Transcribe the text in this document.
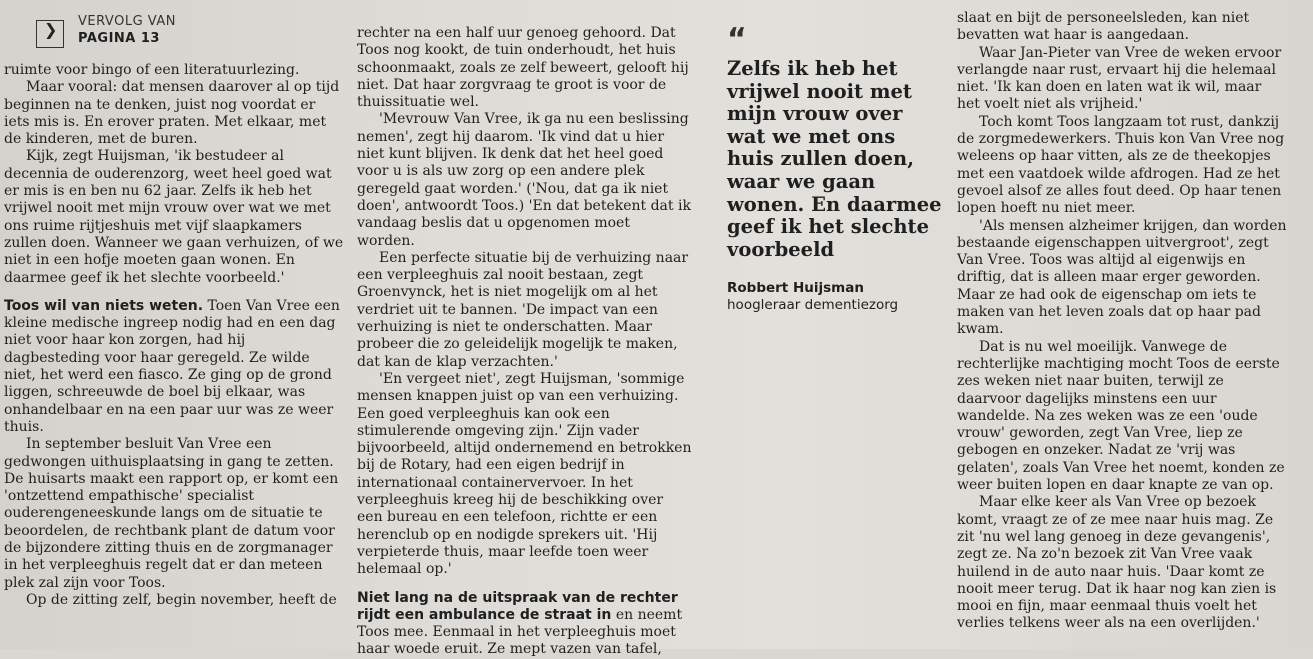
❯ VERVOLG VAN
PAGINA 13

ruimte voor bingo of een literatuurlezing.

Maar vooral: dat mensen daarover al op tijd beginnen na te denken, juist nog voordat er iets mis is. En erover praten. Met elkaar, met de kinderen, met de buren.

Kijk, zegt Huijsman, 'ik bestudeer al decennia de ouderenzorg, weet heel goed wat er mis is en ben nu 62 jaar. Zelfs ik heb het vrijwel nooit met mijn vrouw over wat we met ons ruime rijtjeshuis met vijf slaapkamers zullen doen. Wanneer we gaan verhuizen, of we niet in een hofje moeten gaan wonen. En daarmee geef ik het slechte voorbeeld.'

Toos wil van niets weten. Toen Van Vree een kleine medische ingreep nodig had en een dag niet voor haar kon zorgen, had hij dagbesteding voor haar geregeld. Ze wilde niet, het werd een fiasco. Ze ging op de grond liggen, schreeuwde de boel bij elkaar, was onhandelbaar en na een paar uur was ze weer thuis.

In september besluit Van Vree een gedwongen uithuisplaatsing in gang te zetten. De huisarts maakt een rapport op, er komt een 'ontzettend empathische' specialist ouderengeneeskunde langs om de situatie te beoordelen, de rechtbank plant de datum voor de bijzondere zitting thuis en de zorgmanager in het verpleeghuis regelt dat er dan meteen plek zal zijn voor Toos.

Op de zitting zelf, begin november, heeft de

rechter na een half uur genoeg gehoord. Dat Toos nog kookt, de tuin onderhoudt, het huis schoonmaakt, zoals ze zelf beweert, gelooft hij niet. Dat haar zorgvraag te groot is voor de thuissituatie wel.

'Mevrouw Van Vree, ik ga nu een beslissing nemen', zegt hij daarom. 'Ik vind dat u hier niet kunt blijven. Ik denk dat het heel goed voor u is als uw zorg op een andere plek geregeld gaat worden.' ('Nou, dat ga ik niet doen', antwoordt Toos.) 'En dat betekent dat ik vandaag beslis dat u opgenomen moet worden.

Een perfecte situatie bij de verhuizing naar een verpleeghuis zal nooit bestaan, zegt Groenvynck, het is niet mogelijk om al het verdriet uit te bannen. 'De impact van een verhuizing is niet te onderschatten. Maar probeer die zo geleidelijk mogelijk te maken, dat kan de klap verzachten.'

'En vergeet niet', zegt Huijsman, 'sommige mensen knappen juist op van een verhuizing. Een goed verpleeghuis kan ook een stimulerende omgeving zijn.' Zijn vader bijvoorbeeld, altijd ondernemend en betrokken bij de Rotary, had een eigen bedrijf in internationaal containervervoer. In het verpleeghuis kreeg hij de beschikking over een bureau en een telefoon, richtte er een herenclub op en nodigde sprekers uit. 'Hij verpieterde thuis, maar leefde toen weer helemaal op.'

Niet lang na de uitspraak van de rechter rijdt een ambulance de straat in en neemt Toos mee. Eenmaal in het verpleeghuis moet haar woede eruit. Ze mept vazen van tafel,

“
Zelfs ik heb het vrijwel nooit met mijn vrouw over wat we met ons huis zullen doen, waar we gaan wonen. En daarmee geef ik het slechte voorbeeld
Robbert Huijsman
hoogleraar dementiezorg

slaat en bijt de personeelsleden, kan niet bevatten wat haar is aangedaan.

Waar Jan-Pieter van Vree de weken ervoor verlangde naar rust, ervaart hij die helemaal niet. 'Ik kan doen en laten wat ik wil, maar het voelt niet als vrijheid.'

Toch komt Toos langzaam tot rust, dankzij de zorgmedewerkers. Thuis kon Van Vree nog weleens op haar vitten, als ze de theekopjes met een vaatdoek wilde afdrogen. Had ze het gevoel alsof ze alles fout deed. Op haar tenen lopen hoeft nu niet meer.

'Als mensen alzheimer krijgen, dan worden bestaande eigenschappen uitvergroot', zegt Van Vree. Toos was altijd al eigenwijs en driftig, dat is alleen maar erger geworden. Maar ze had ook de eigenschap om iets te maken van het leven zoals dat op haar pad kwam.

Dat is nu wel moeilijk. Vanwege de rechterlijke machtiging mocht Toos de eerste zes weken niet naar buiten, terwijl ze daarvoor dagelijks minstens een uur wandelde. Na zes weken was ze een 'oude vrouw' geworden, zegt Van Vree, liep ze gebogen en onzeker. Nadat ze 'vrij was gelaten', zoals Van Vree het noemt, konden ze weer buiten lopen en daar knapte ze van op.

Maar elke keer als Van Vree op bezoek komt, vraagt ze of ze mee naar huis mag. Ze zit 'nu wel lang genoeg in deze gevangenis', zegt ze. Na zo'n bezoek zit Van Vree vaak huilend in de auto naar huis. 'Daar komt ze nooit meer terug. Dat ik haar nog kan zien is mooi en fijn, maar eenmaal thuis voelt het verlies telkens weer als na een overlijden.'
